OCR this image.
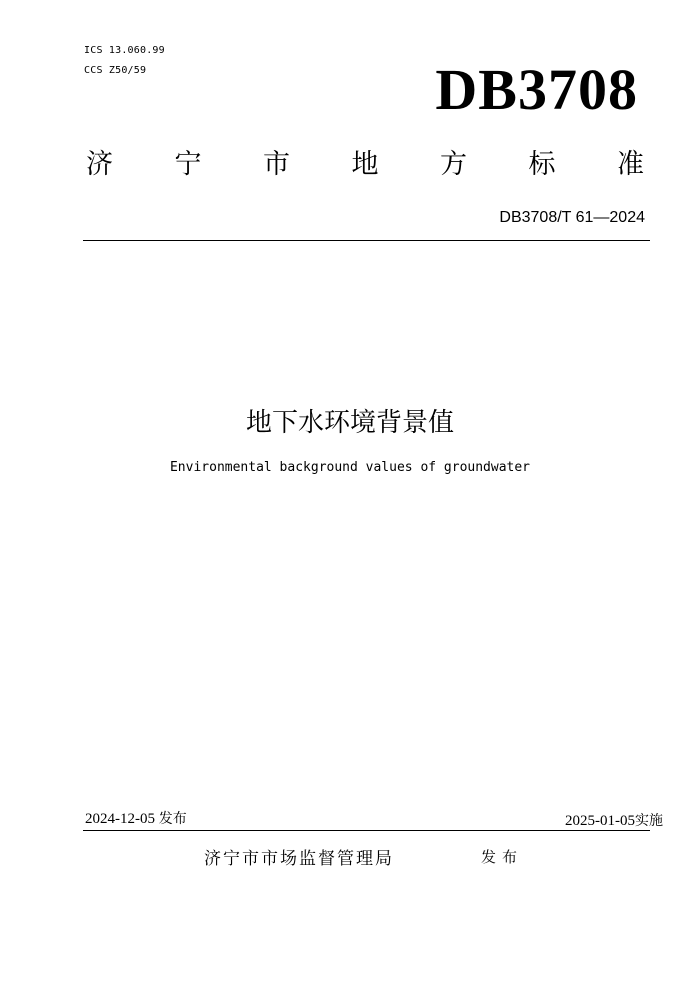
ICS 13.060.99
CCS Z50/59	DB3708
济 宁 市 地 方 标 准
DB3708/T 61—2024
地下水环境背景值
Environmental background values of groundwater
2024-12-05 发布	2025-01-05实施
济宁市市场监督管理局	发布
